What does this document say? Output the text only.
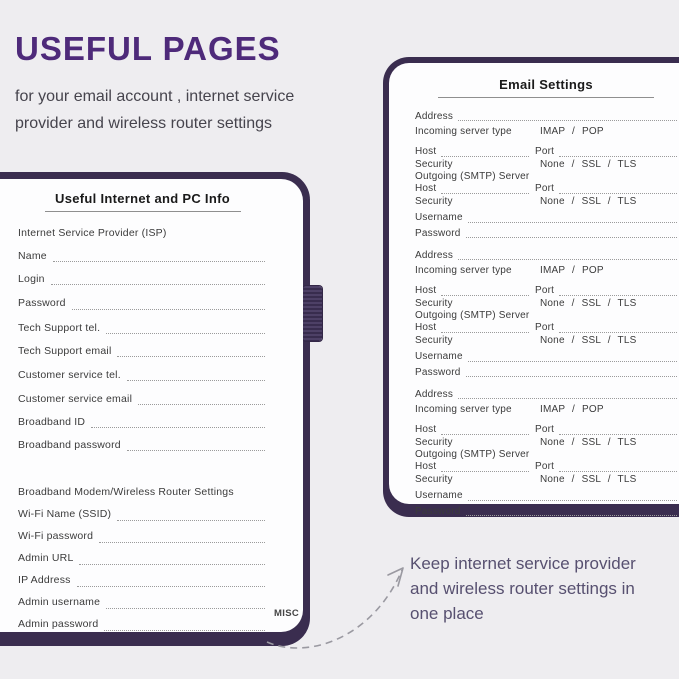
USEFUL PAGES
for your email account , internet service
provider and wireless router settings
Useful Internet and PC Info
Internet Service Provider (ISP)
Name
Login
Password
Tech Support tel.
Tech Support email
Customer service tel.
Customer service email
Broadband ID
Broadband password
Broadband Modem/Wireless Router Settings
Wi-Fi Name (SSID)
Wi-Fi password
Admin URL
IP Address
Admin username
Admin password
MISC
Email Settings
Address
Incoming server type	IMAP / POP
Host	Port
Security	None / SSL / TLS
Outgoing (SMTP) Server
Host	Port
Security	None / SSL / TLS
Username
Password
Address
Incoming server type	IMAP / POP
Host	Port
Security	None / SSL / TLS
Outgoing (SMTP) Server
Host	Port
Security	None / SSL / TLS
Username
Password
Address
Incoming server type	IMAP / POP
Host	Port
Security	None / SSL / TLS
Outgoing (SMTP) Server
Host	Port
Security	None / SSL / TLS
Username
Password
Keep internet service provider
and wireless router settings in
one place
